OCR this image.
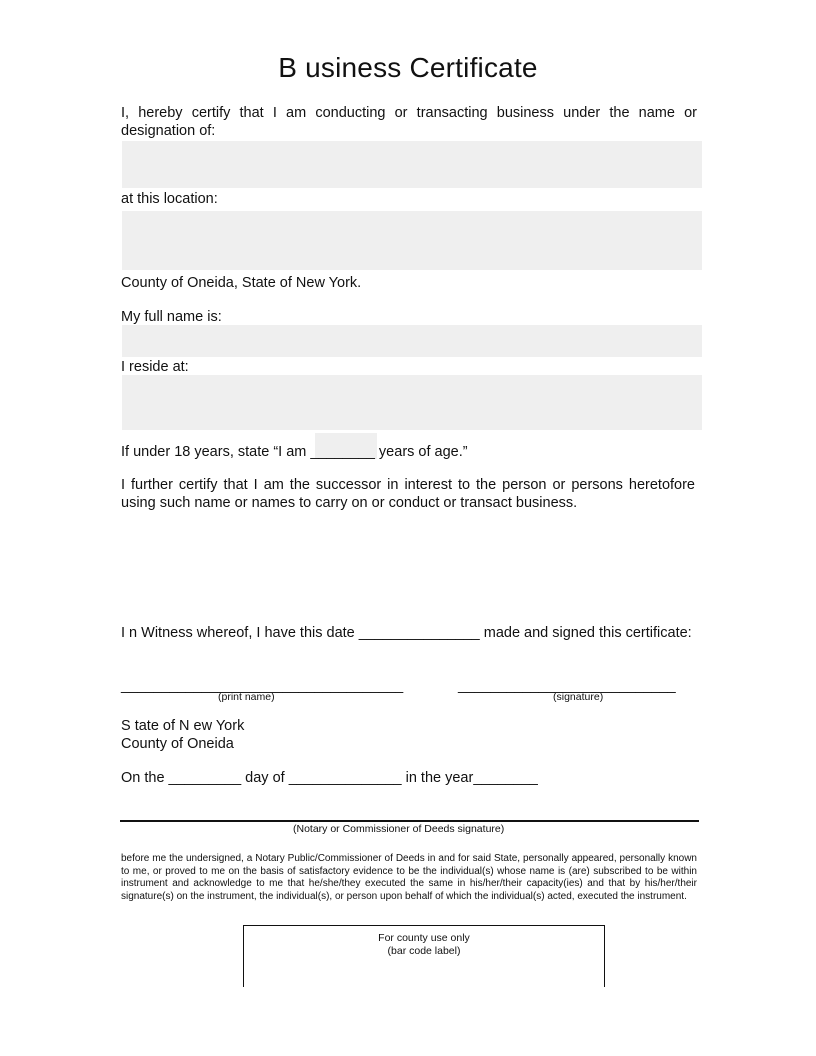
B usiness Certificate
I, hereby certify that I am conducting or transacting business under the name or designation of:
at this location:
County of Oneida, State of New York.
My full name is:
I reside at:
If under 18 years, state “I am ________ years of age.”
I further certify that I am the successor in interest to the person or persons heretofore using such name or names to carry on or conduct or transact business.
I n Witness whereof, I have this date _______________ made and signed this certificate:
___________________________________
(print name)
___________________________
(signature)
S tate of N ew York
County of Oneida
On the _________ day of ______________ in the year________
(Notary or Commissioner of Deeds signature)
before me the undersigned, a Notary Public/Commissioner of Deeds in and for said State, personally appeared, personally known to me, or proved to me on the basis of satisfactory evidence to be the individual(s) whose name is (are) subscribed to be within instrument and acknowledge to me that he/she/they executed the same in his/her/their capacity(ies) and that by his/her/their signature(s) on the instrument, the individual(s), or person upon behalf of which the individual(s) acted, executed the instrument.
For county use only
(bar code label)
